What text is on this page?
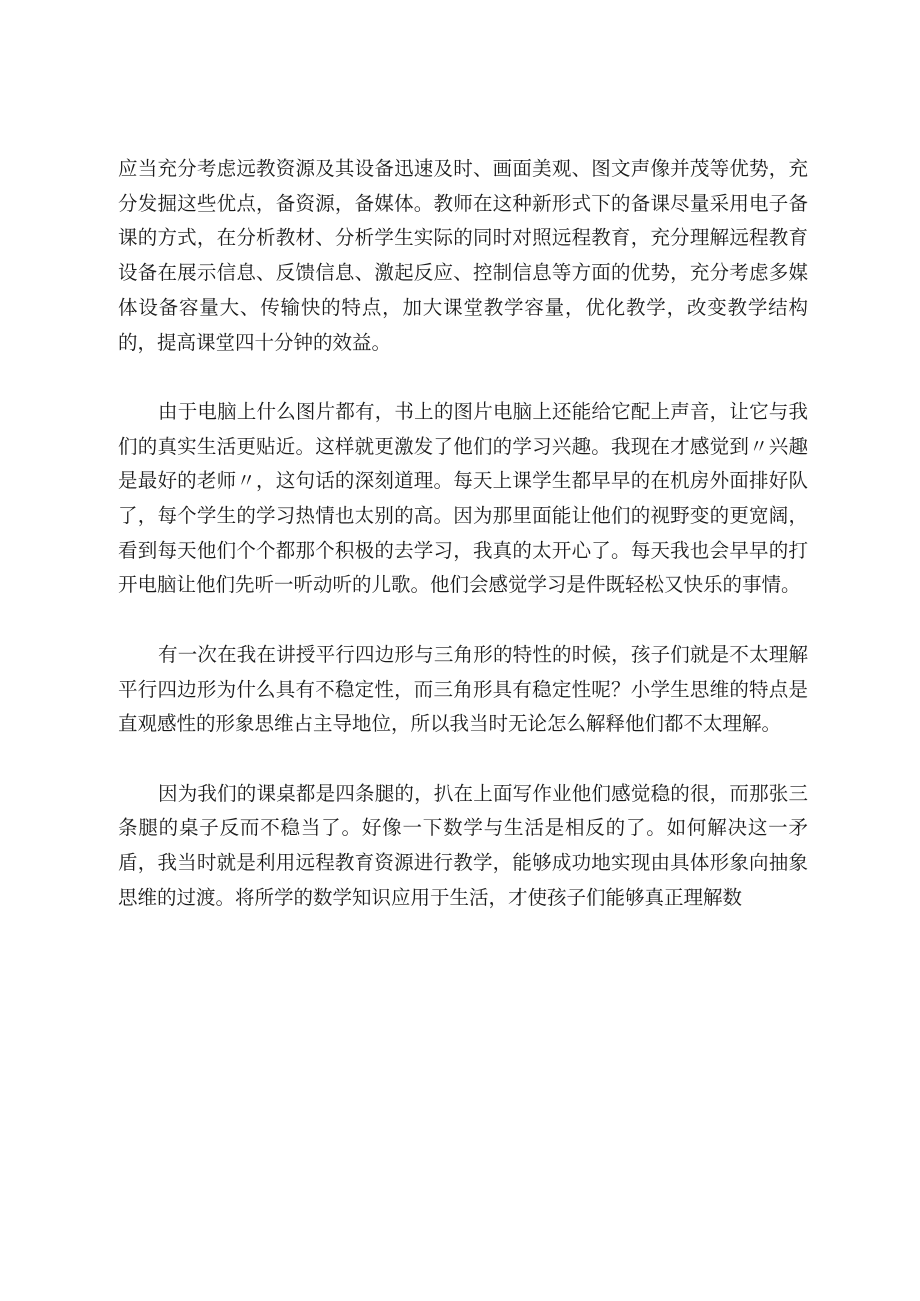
应当充分考虑远教资源及其设备迅速及时、画面美观、图文声像并茂等优势，充分发掘这些优点，备资源，备媒体。教师在这种新形式下的备课尽量采用电子备课的方式，在分析教材、分析学生实际的同时对照远程教育，充分理解远程教育设备在展示信息、反馈信息、激起反应、控制信息等方面的优势，充分考虑多媒体设备容量大、传输快的特点，加大课堂教学容量，优化教学，改变教学结构的，提高课堂四十分钟的效益。

由于电脑上什么图片都有，书上的图片电脑上还能给它配上声音，让它与我们的真实生活更贴近。这样就更激发了他们的学习兴趣。我现在才感觉到〃兴趣是最好的老师〃，这句话的深刻道理。每天上课学生都早早的在机房外面排好队了，每个学生的学习热情也太别的高。因为那里面能让他们的视野变的更宽阔，看到每天他们个个都那个积极的去学习，我真的太开心了。每天我也会早早的打开电脑让他们先听一听动听的儿歌。他们会感觉学习是件既轻松又快乐的事情。

有一次在我在讲授平行四边形与三角形的特性的时候，孩子们就是不太理解平行四边形为什么具有不稳定性，而三角形具有稳定性呢？小学生思维的特点是直观感性的形象思维占主导地位，所以我当时无论怎么解释他们都不太理解。

因为我们的课桌都是四条腿的，扒在上面写作业他们感觉稳的很，而那张三条腿的桌子反而不稳当了。好像一下数学与生活是相反的了。如何解决这一矛盾，我当时就是利用远程教育资源进行教学，能够成功地实现由具体形象向抽象思维的过渡。将所学的数学知识应用于生活，才使孩子们能够真正理解数
